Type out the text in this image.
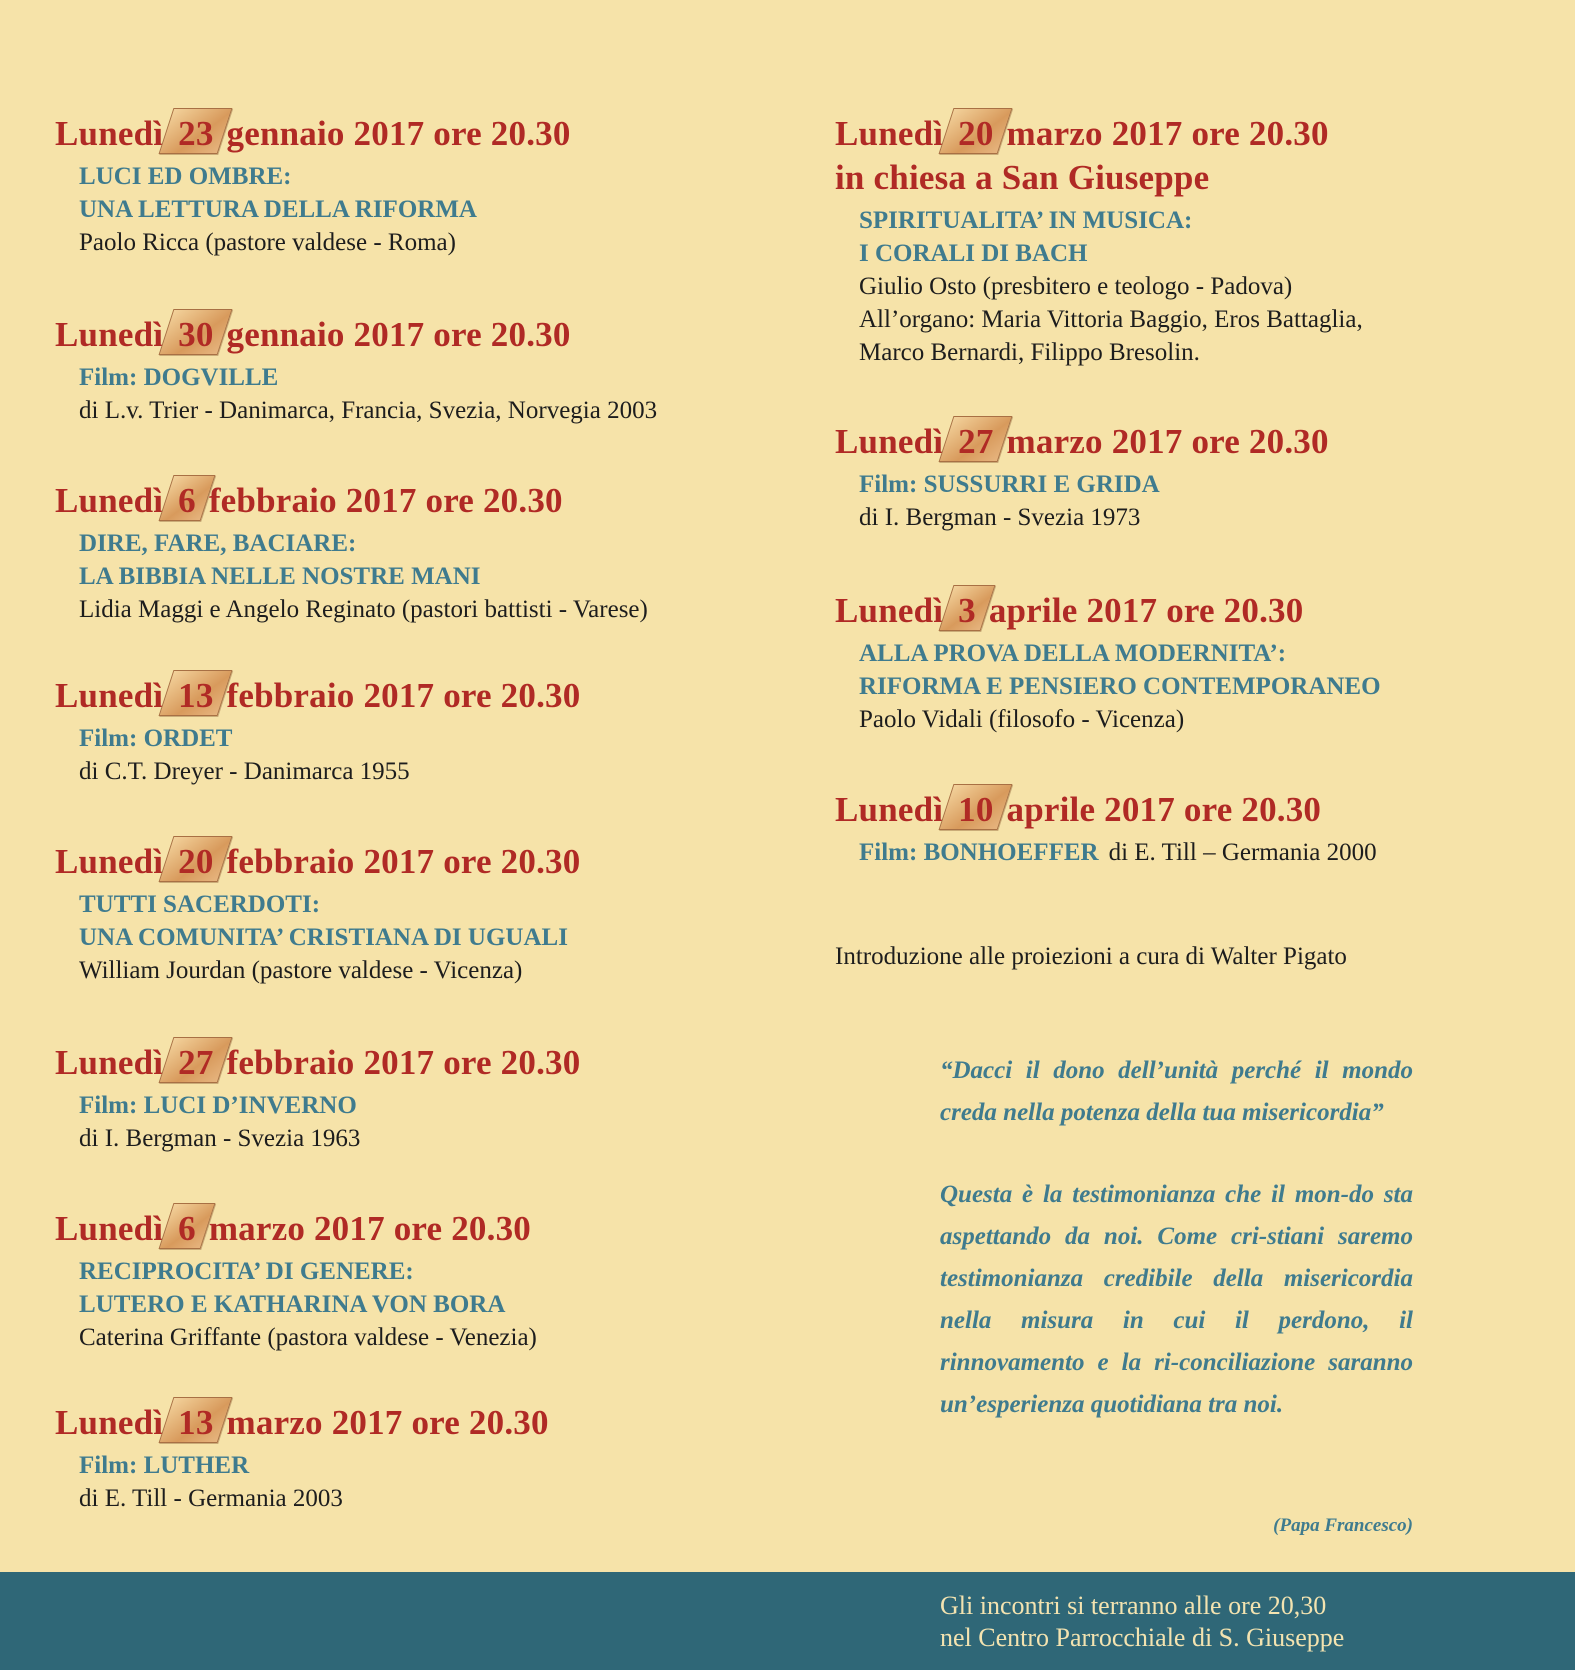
Lunedì 23 gennaio 2017 ore 20.30
LUCI ED OMBRE:
UNA LETTURA DELLA RIFORMA
Paolo Ricca (pastore valdese - Roma)
Lunedì 30 gennaio 2017 ore 20.30
Film: DOGVILLE
di L.v. Trier - Danimarca, Francia, Svezia, Norvegia 2003
Lunedì 6 febbraio 2017 ore 20.30
DIRE, FARE, BACIARE:
LA BIBBIA NELLE NOSTRE MANI
Lidia Maggi e Angelo Reginato (pastori battisti - Varese)
Lunedì 13 febbraio 2017 ore 20.30
Film: ORDET
di C.T. Dreyer - Danimarca 1955
Lunedì 20 febbraio 2017 ore 20.30
TUTTI SACERDOTI:
UNA COMUNITA’ CRISTIANA DI UGUALI
William Jourdan (pastore valdese - Vicenza)
Lunedì 27 febbraio 2017 ore 20.30
Film: LUCI D’INVERNO
di I. Bergman - Svezia 1963
Lunedì 6 marzo 2017 ore 20.30
RECIPROCITA’ DI GENERE:
LUTERO E KATHARINA VON BORA
Caterina Griffante (pastora valdese - Venezia)
Lunedì 13 marzo 2017 ore 20.30
Film: LUTHER
di E. Till - Germania 2003
Lunedì 20 marzo 2017 ore 20.30
in chiesa a San Giuseppe
SPIRITUALITA’ IN MUSICA:
I CORALI DI BACH
Giulio Osto (presbitero e teologo - Padova)
All’organo: Maria Vittoria Baggio, Eros Battaglia,
Marco Bernardi, Filippo Bresolin.
Lunedì 27 marzo 2017 ore 20.30
Film: SUSSURRI E GRIDA
di I. Bergman - Svezia 1973
Lunedì 3 aprile 2017 ore 20.30
ALLA PROVA DELLA MODERNITA’:
RIFORMA E PENSIERO CONTEMPORANEO
Paolo Vidali (filosofo - Vicenza)
Lunedì 10 aprile 2017 ore 20.30
Film: BONHOEFFER di E. Till – Germania 2000
Introduzione alle proiezioni a cura di Walter Pigato

“Dacci il dono dell’unità perché il mondo creda nella potenza della tua misericordia”

Questa è la testimonianza che il mon-do sta aspettando da noi. Come cri-stiani saremo testimonianza credibile della misericordia nella misura in cui il perdono, il rinnovamento e la ri-conciliazione saranno un’esperienza quotidiana tra noi.

(Papa Francesco)
Gli incontri si terranno alle ore 20,30
nel Centro Parrocchiale di S. Giuseppe
